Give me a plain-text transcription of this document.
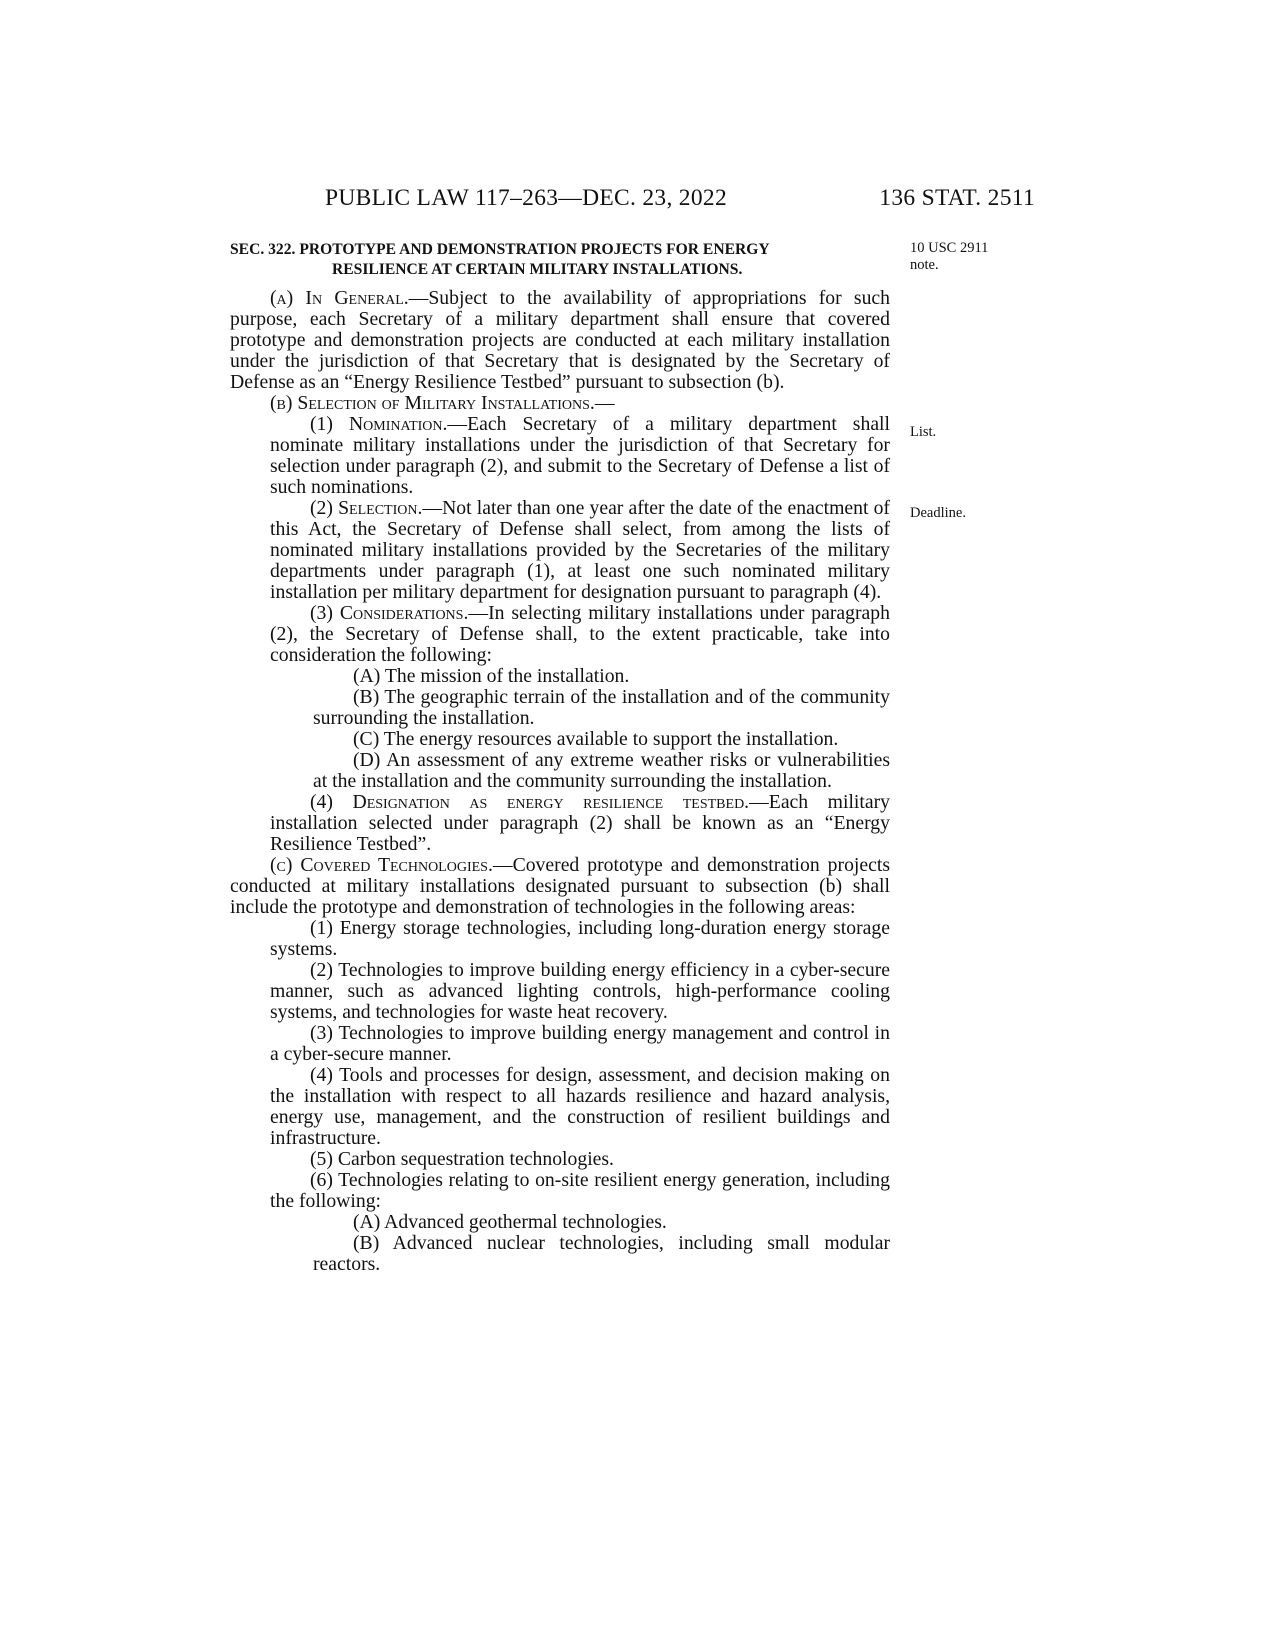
PUBLIC LAW 117–263—DEC. 23, 2022	136 STAT. 2511
SEC. 322. PROTOTYPE AND DEMONSTRATION PROJECTS FOR ENERGY
RESILIENCE AT CERTAIN MILITARY INSTALLATIONS.
10 USC 2911
note.
List.
Deadline.

(a) In General.—Subject to the availability of appropriations for such purpose, each Secretary of a military department shall ensure that covered prototype and demonstration projects are conducted at each military installation under the jurisdiction of that Secretary that is designated by the Secretary of Defense as an “Energy Resilience Testbed” pursuant to subsection (b).

(b) Selection of Military Installations.—

(1) Nomination.—Each Secretary of a military department shall nominate military installations under the jurisdiction of that Secretary for selection under paragraph (2), and submit to the Secretary of Defense a list of such nominations.

(2) Selection.—Not later than one year after the date of the enactment of this Act, the Secretary of Defense shall select, from among the lists of nominated military installations provided by the Secretaries of the military departments under paragraph (1), at least one such nominated military installation per military department for designation pursuant to paragraph (4).

(3) Considerations.—In selecting military installations under paragraph (2), the Secretary of Defense shall, to the extent practicable, take into consideration the following:

(A) The mission of the installation.

(B) The geographic terrain of the installation and of the community surrounding the installation.

(C) The energy resources available to support the installation.

(D) An assessment of any extreme weather risks or vulnerabilities at the installation and the community surrounding the installation.

(4) Designation as energy resilience testbed.—Each military installation selected under paragraph (2) shall be known as an “Energy Resilience Testbed”.

(c) Covered Technologies.—Covered prototype and demonstration projects conducted at military installations designated pursuant to subsection (b) shall include the prototype and demonstration of technologies in the following areas:

(1) Energy storage technologies, including long-duration energy storage systems.

(2) Technologies to improve building energy efficiency in a cyber-secure manner, such as advanced lighting controls, high-performance cooling systems, and technologies for waste heat recovery.

(3) Technologies to improve building energy management and control in a cyber-secure manner.

(4) Tools and processes for design, assessment, and decision making on the installation with respect to all hazards resilience and hazard analysis, energy use, management, and the construction of resilient buildings and infrastructure.

(5) Carbon sequestration technologies.

(6) Technologies relating to on-site resilient energy generation, including the following:

(A) Advanced geothermal technologies.

(B) Advanced nuclear technologies, including small modular reactors.
